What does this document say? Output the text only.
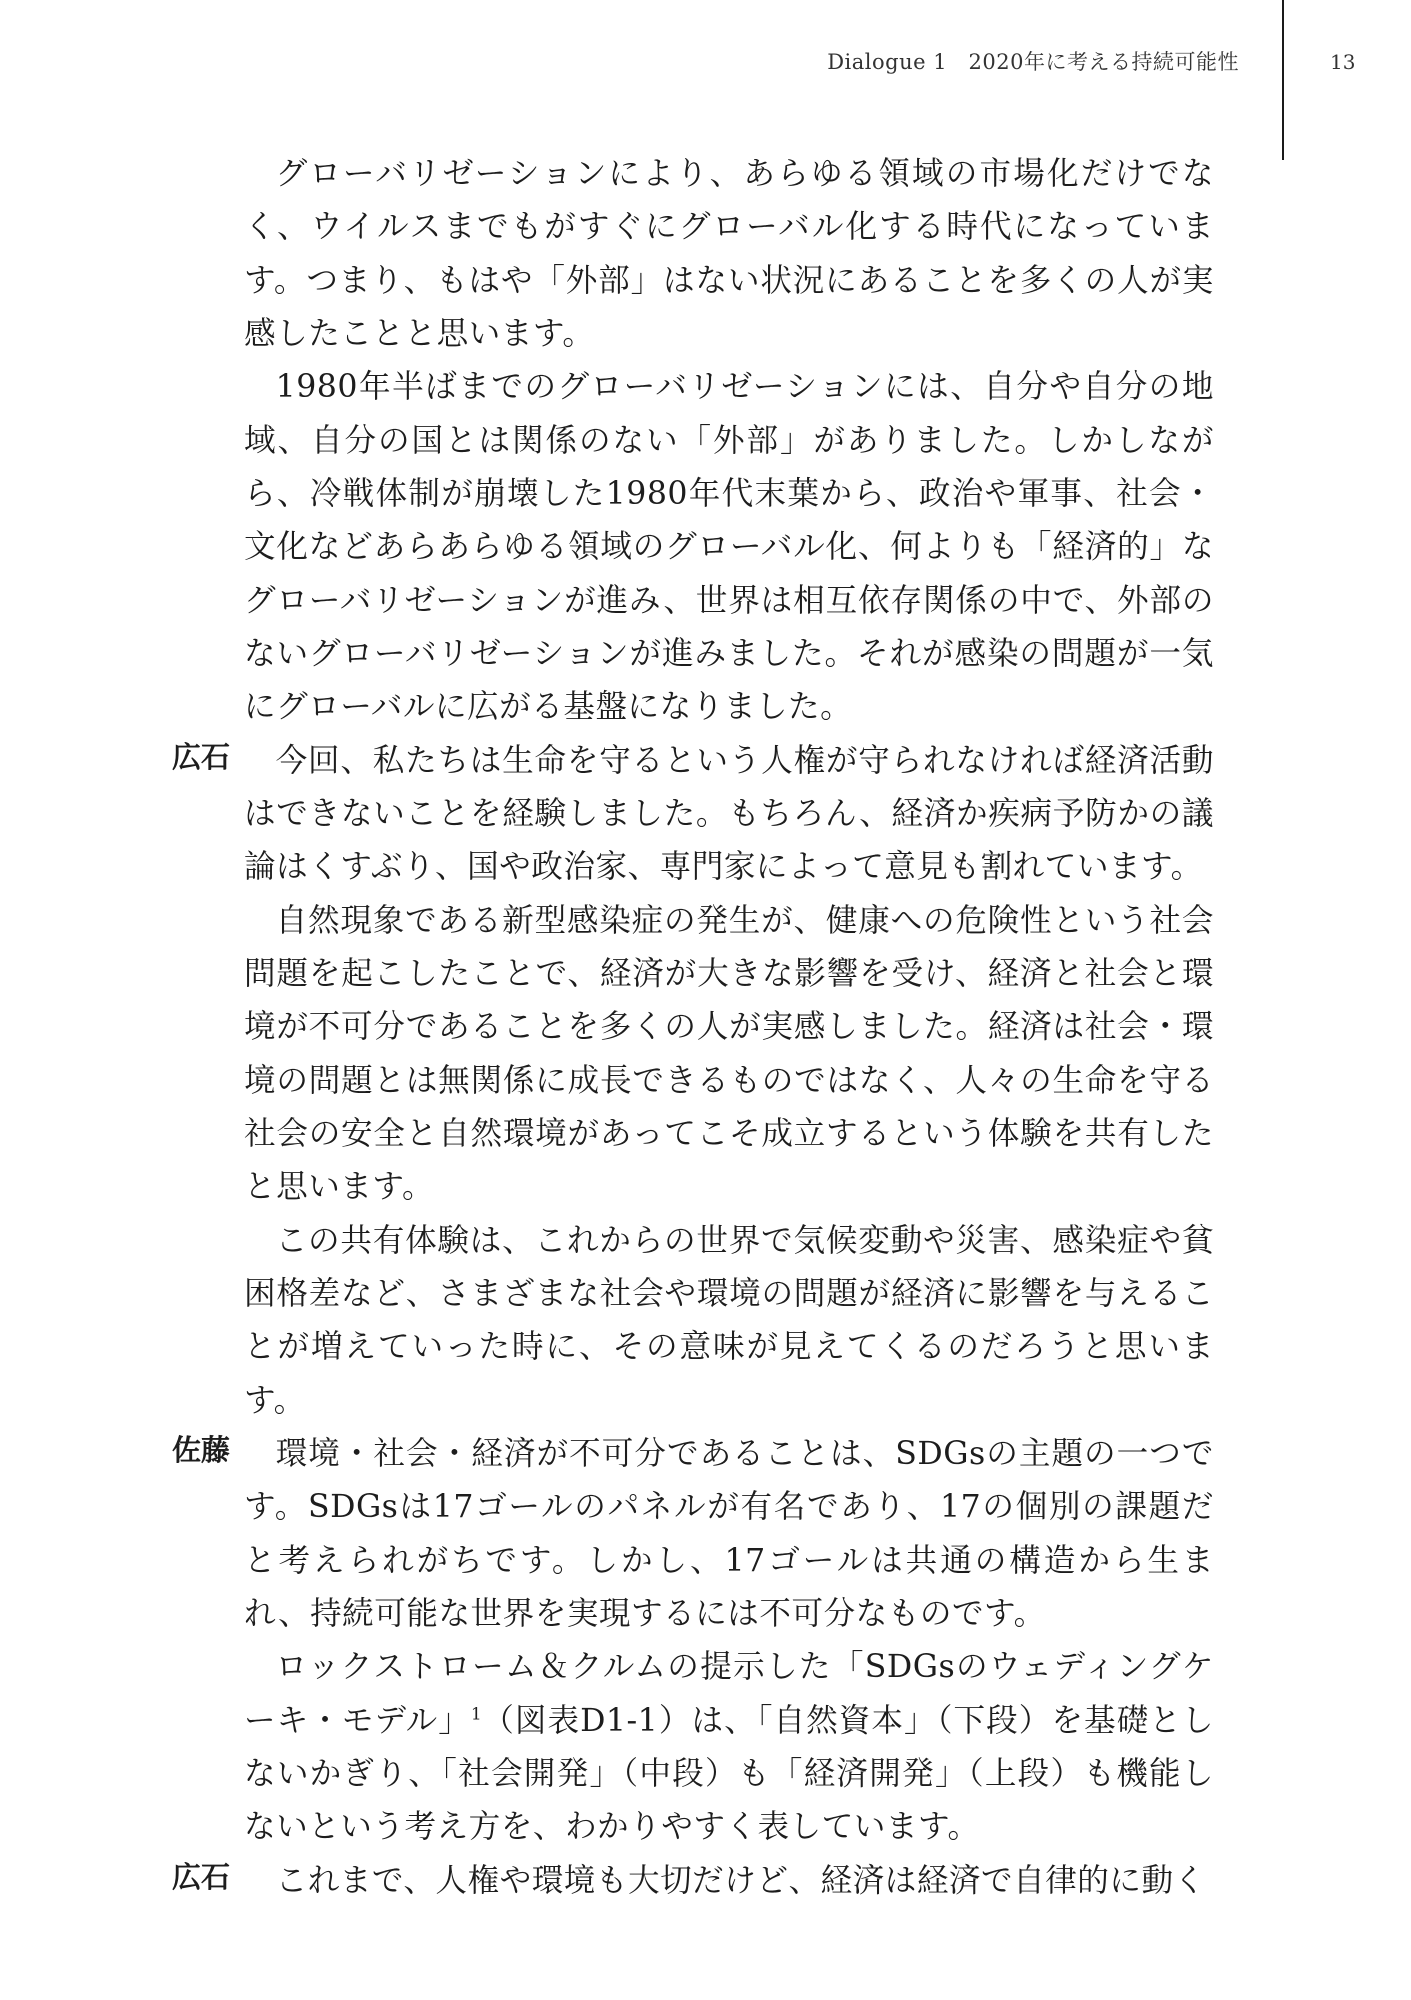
Dialogue 1　2020年に考える持続可能性	13

グローバリゼーションにより、あらゆる領域の市場化だけでなく、ウイルスまでもがすぐにグローバル化する時代になっています。つまり、もはや「外部」はない状況にあることを多くの人が実感したことと思います。

1980年半ばまでのグローバリゼーションには、自分や自分の地域、自分の国とは関係のない「外部」がありました。しかしながら、冷戦体制が崩壊した1980年代末葉から、政治や軍事、社会・文化などあらあらゆる領域のグローバル化、何よりも「経済的」なグローバリゼーションが進み、世界は相互依存関係の中で、外部のないグローバリゼーションが進みました。それが感染の問題が一気にグローバルに広がる基盤になりました。

広石	今回、私たちは生命を守るという人権が守られなければ経済活動はできないことを経験しました。もちろん、経済か疾病予防かの議論はくすぶり、国や政治家、専門家によって意見も割れています。

自然現象である新型感染症の発生が、健康への危険性という社会問題を起こしたことで、経済が大きな影響を受け、経済と社会と環境が不可分であることを多くの人が実感しました。経済は社会・環境の問題とは無関係に成長できるものではなく、人々の生命を守る社会の安全と自然環境があってこそ成立するという体験を共有したと思います。

この共有体験は、これからの世界で気候変動や災害、感染症や貧困格差など、さまざまな社会や環境の問題が経済に影響を与えることが増えていった時に、その意味が見えてくるのだろうと思います。

佐藤	環境・社会・経済が不可分であることは、SDGsの主題の一つです。SDGsは17ゴールのパネルが有名であり、17の個別の課題だと考えられがちです。しかし、17ゴールは共通の構造から生まれ、持続可能な世界を実現するには不可分なものです。

ロックストローム＆クルムの提示した「SDGsのウェディングケーキ・モデル」$^1$（図表D1-1）は、「自然資本」（下段）を基礎としないかぎり、「社会開発」（中段）も「経済開発」（上段）も機能しないという考え方を、わかりやすく表しています。

広石	これまで、人権や環境も大切だけど、経済は経済で自律的に動く
